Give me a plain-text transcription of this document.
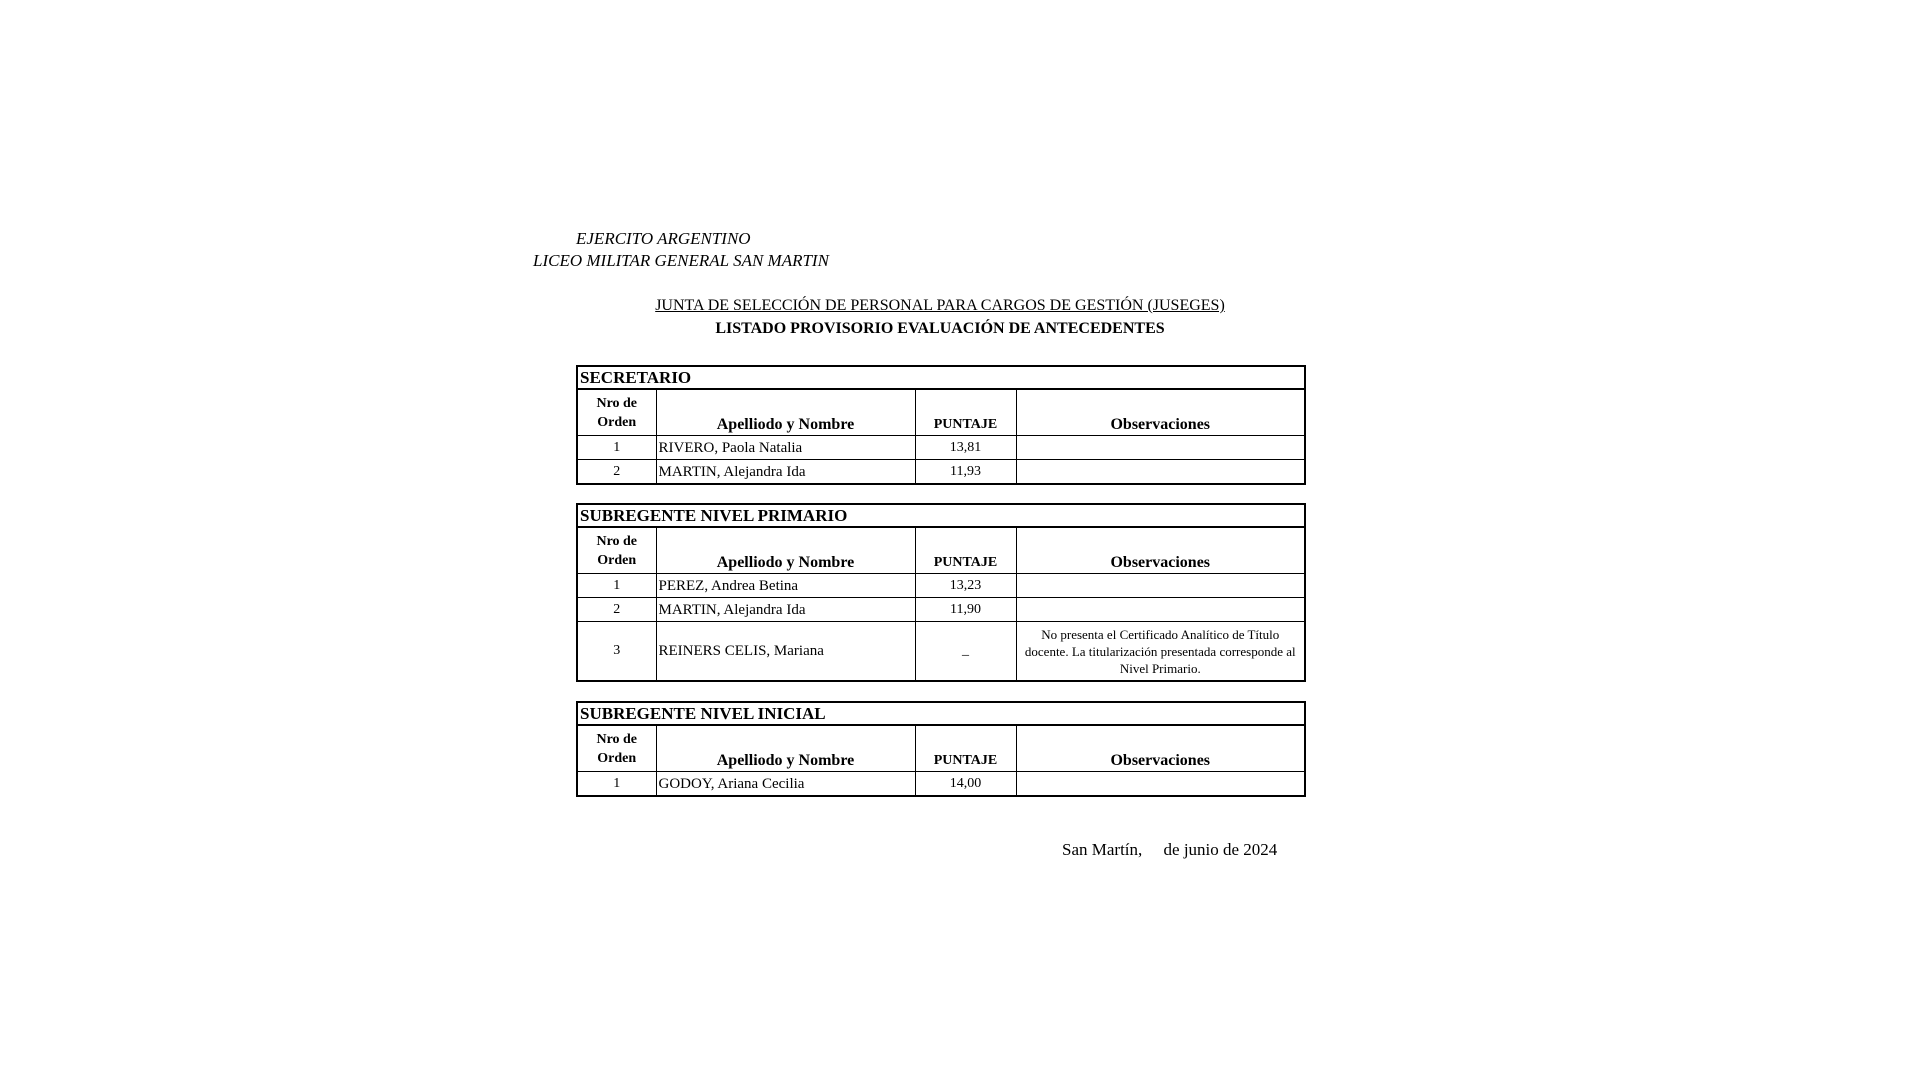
EJERCITO ARGENTINO
LICEO MILITAR GENERAL SAN MARTIN
JUNTA DE SELECCIÓN DE PERSONAL PARA CARGOS DE GESTIÓN (JUSEGES)
LISTADO PROVISORIO EVALUACIÓN DE ANTECEDENTES
SECRETARIO			
Nro de Orden	Apelliodo y Nombre	PUNTAJE	Observaciones
1	RIVERO, Paola Natalia	13,81	
2	MARTIN, Alejandra Ida	11,93	
SUBREGENTE NIVEL PRIMARIO			
Nro de Orden	Apelliodo y Nombre	PUNTAJE	Observaciones
1	PEREZ, Andrea Betina	13,23	
2	MARTIN, Alejandra Ida	11,90	
3	REINERS CELIS, Mariana	_	No presenta el Certificado Analítico de Título docente. La titularización presentada corresponde al Nivel Primario.
SUBREGENTE NIVEL INICIAL			
Nro de Orden	Apelliodo y Nombre	PUNTAJE	Observaciones
1	GODOY, Ariana Cecilia	14,00	
San Martín,     de junio de 2024
